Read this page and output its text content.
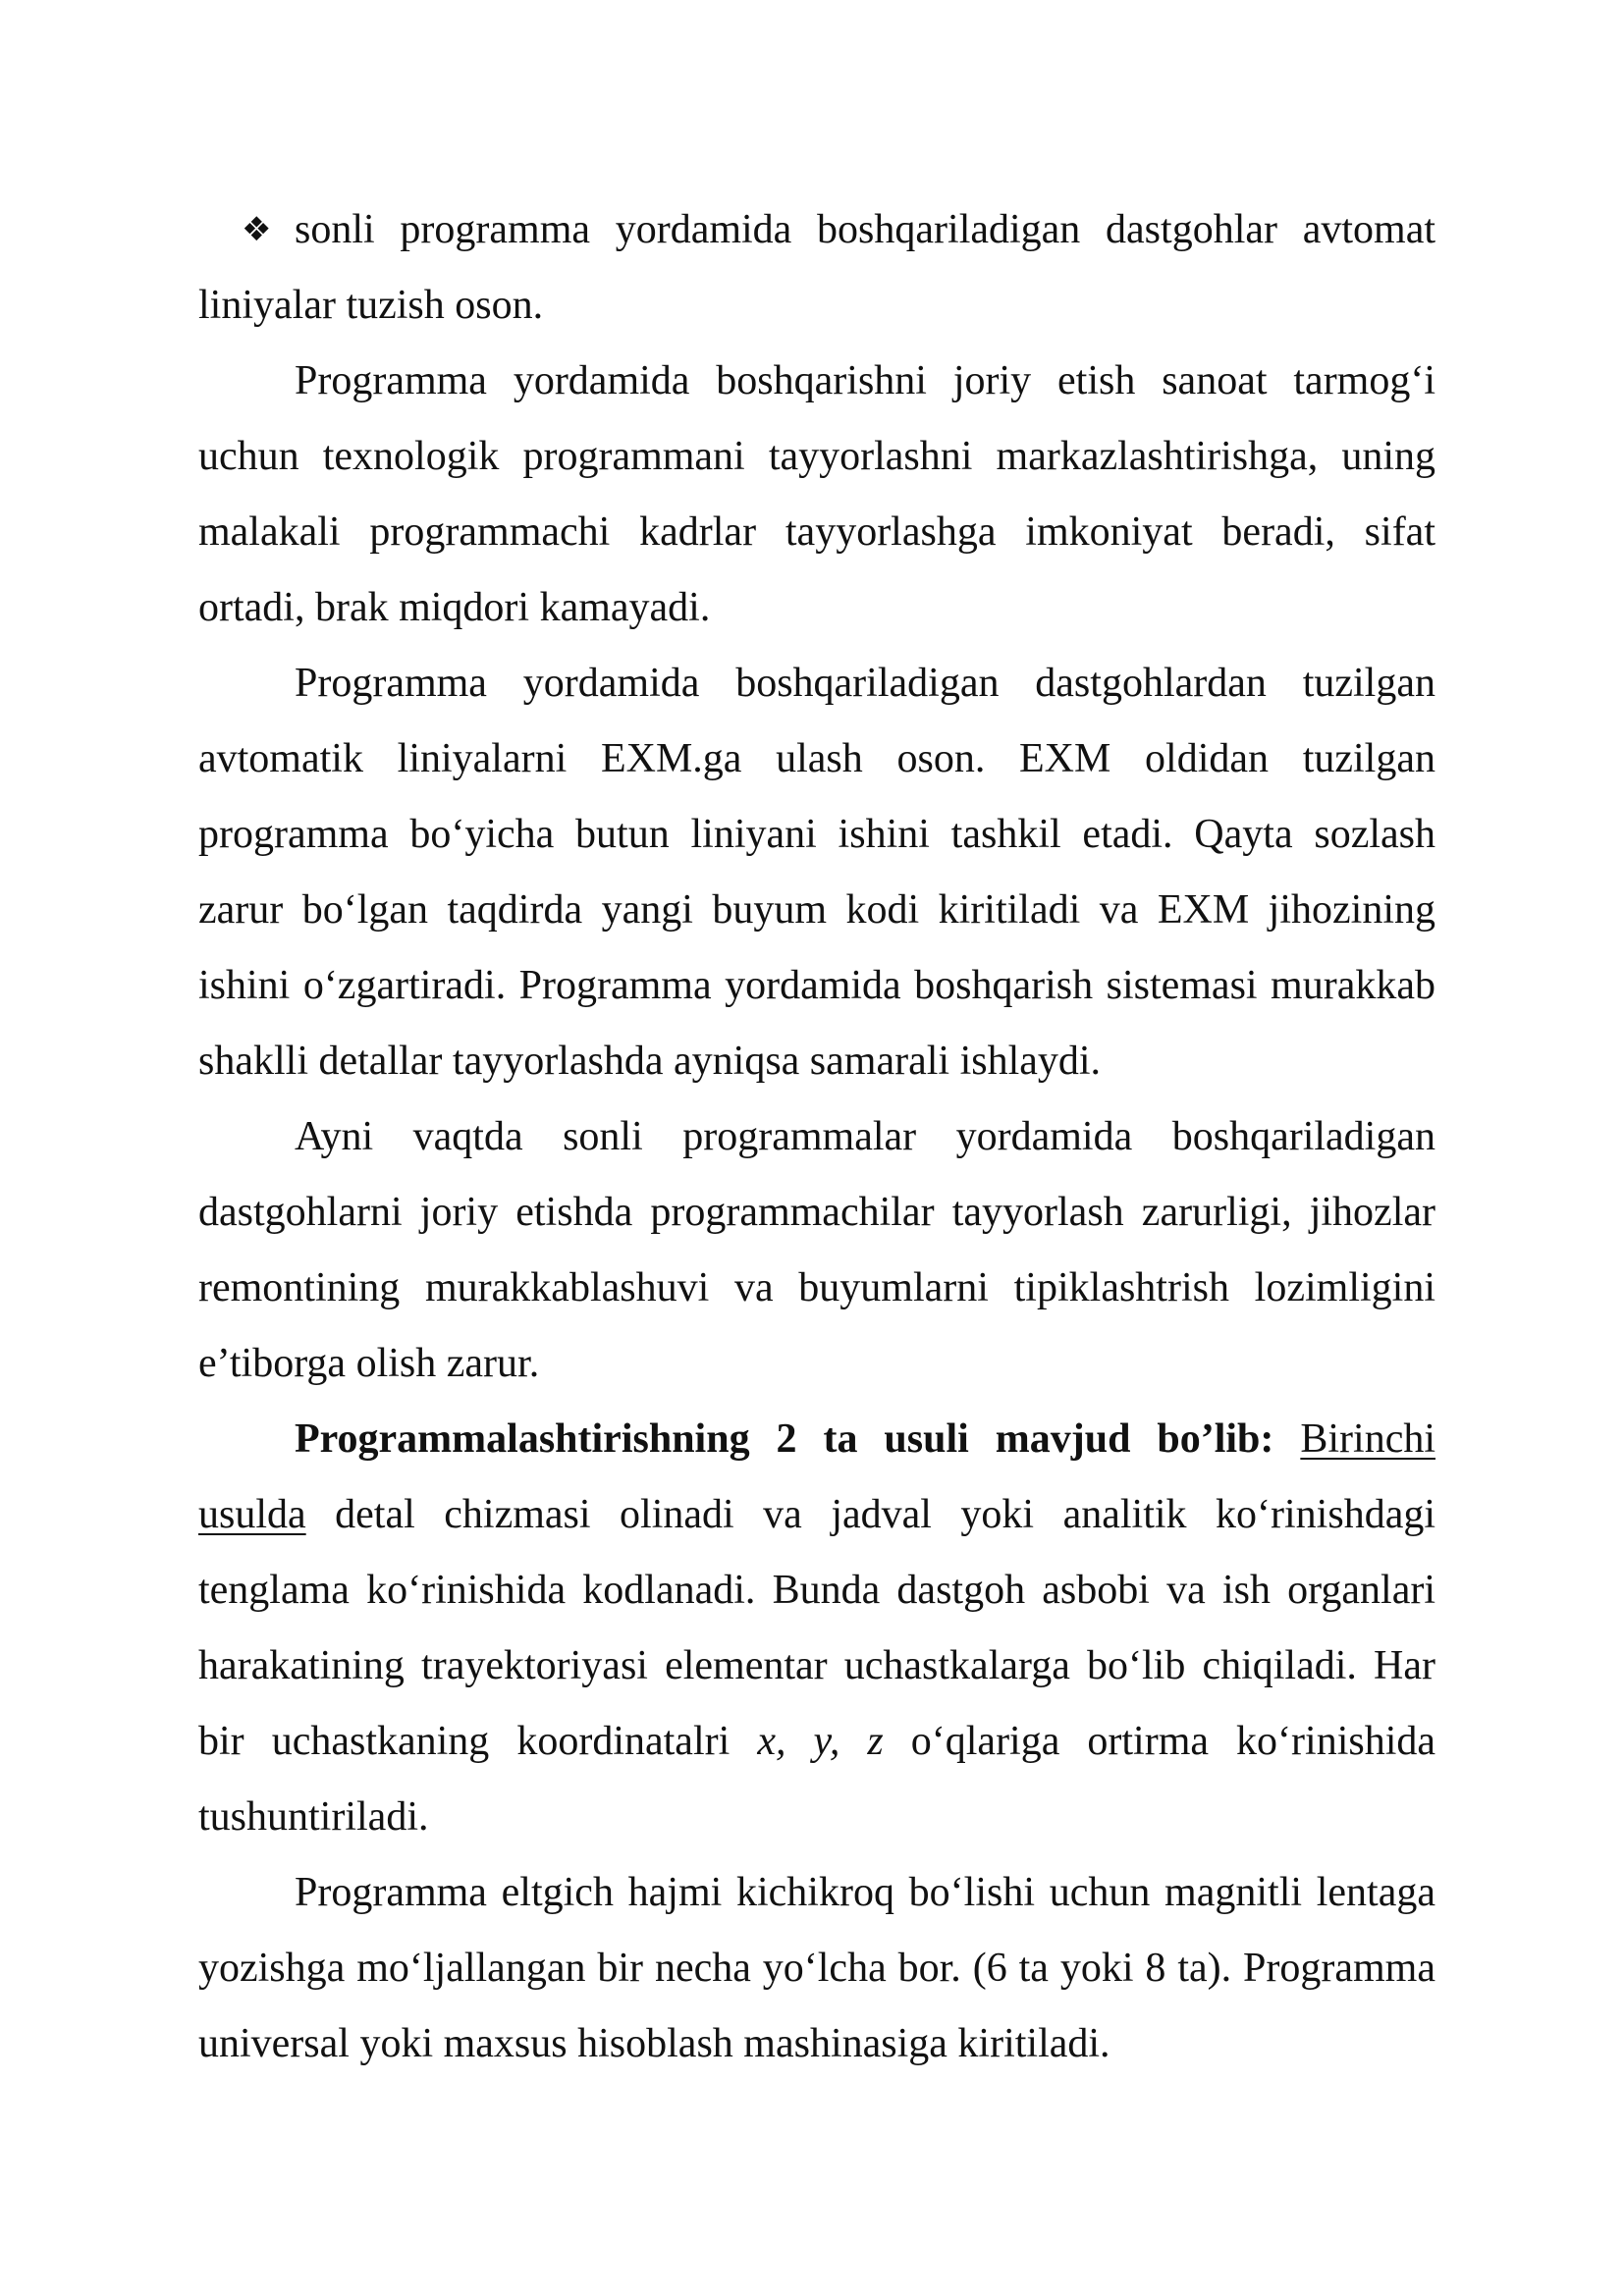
❖ sonli programma yordamida boshqariladigan dastgohlar avtomat liniyalar tuzish oson.

Programma yordamida boshqarishni joriy etish sanoat tarmog‘i uchun texnologik programmani tayyorlashni markazlashtirishga, uning malakali programmachi kadrlar tayyorlashga imkoniyat beradi, sifat ortadi, brak miqdori kamayadi.

Programma yordamida boshqariladigan dastgohlardan tuzilgan avtomatik liniyalarni EXM.ga ulash oson. EXM oldidan tuzilgan programma bo‘yicha butun liniyani ishini tashkil etadi. Qayta sozlash zarur bo‘lgan taqdirda yangi buyum kodi kiritiladi va EXM jihozining ishini o‘zgartiradi. Programma yordamida boshqarish sistemasi murakkab shaklli detallar tayyorlashda ayniqsa samarali ishlaydi.

Ayni vaqtda sonli programmalar yordamida boshqariladigan dastgohlarni joriy etishda programmachilar tayyorlash zarurligi, jihozlar remontining murakkablashuvi va buyumlarni tipiklashtrish lozimligini e’tiborga olish zarur.

Programmalashtirishning 2 ta usuli mavjud bo’lib: Birinchi usulda detal chizmasi olinadi va jadval yoki analitik ko‘rinishdagi tenglama ko‘rinishida kodlanadi. Bunda dastgoh asbobi va ish organlari harakatining trayektoriyasi elementar uchastkalarga bo‘lib chiqiladi. Har bir uchastkaning koordinatalri x, y, z o‘qlariga ortirma ko‘rinishida tushuntiriladi.

Programma eltgich hajmi kichikroq bo‘lishi uchun magnitli lentaga yozishga mo‘ljallangan bir necha yo‘lcha bor. (6 ta yoki 8 ta). Programma universal yoki maxsus hisoblash mashinasiga kiritiladi.
